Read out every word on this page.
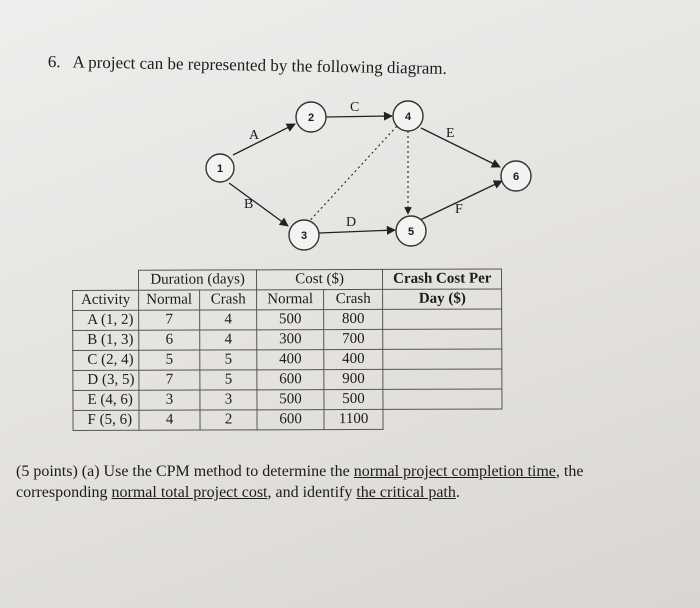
6. A project can be represented by the following diagram.
A
B
C
D
E
F
1
2
3
4
5
6
	Duration (days)		Cost ($)		Crash Cost Per
Activity	Normal	Crash	Normal	Crash	Day ($)
A (1, 2)	7	4	500	800	
B (1, 3)	6	4	300	700	
C (2, 4)	5	5	400	400	
D (3, 5)	7	5	600	900	
E (4, 6)	3	3	500	500	
F (5, 6)	4	2	600	1100	
(5 points) (a) Use the CPM method to determine the normal project completion time, the
corresponding normal total project cost, and identify the critical path.
